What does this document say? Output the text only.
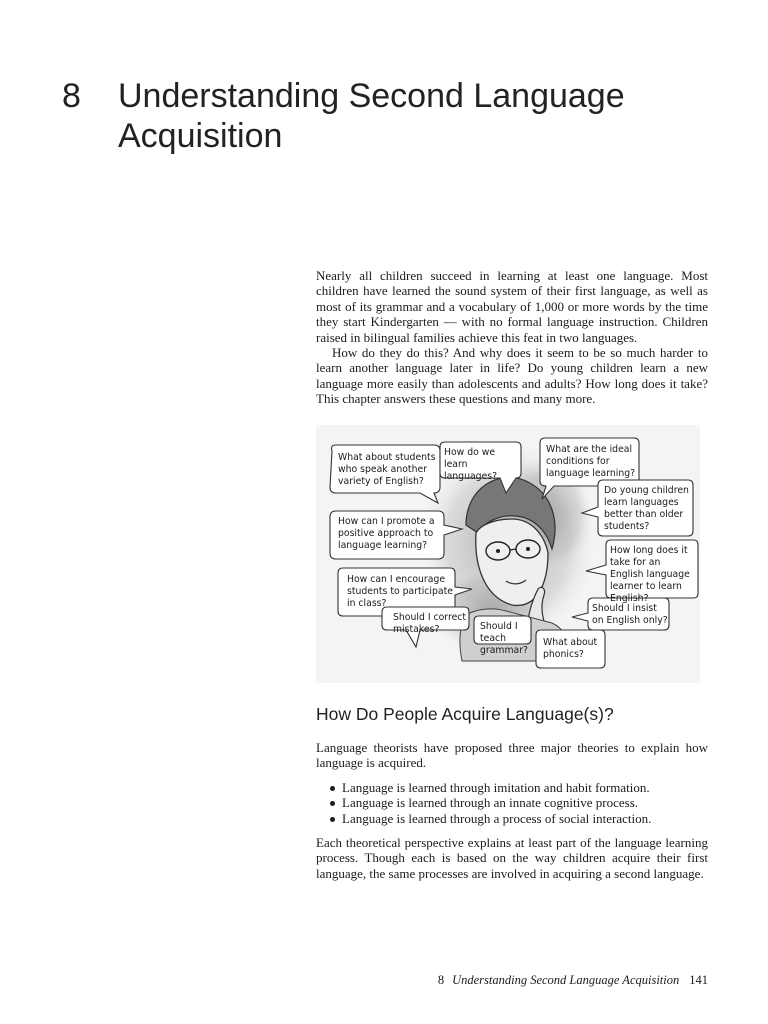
8 Understanding Second Language Acquisition

Nearly all children succeed in learning at least one language. Most children have learned the sound system of their first language, as well as most of its grammar and a vocabulary of 1,000 or more words by the time they start Kindergarten — with no formal language instruction. Children raised in bilingual families achieve this feat in two languages.

How do they do this? And why does it seem to be so much harder to learn another language later in life? Do young children learn a new language more easily than adolescents and adults? How long does it take? This chapter answers these questions and many more.

What about students who speak another variety of English?

How do we learn languages?

What are the ideal conditions for language learning?

Do young children learn languages better than older students?

How can I promote a positive approach to language learning?	How long does it take for an English language learner to learn English?

How can I encourage students to participate in class?	Should I insist on English only?

Should I correct mistakes?	Should I teach grammar?

What about phonics?

How Do People Acquire Language(s)?

Language theorists have proposed three major theories to explain how language is acquired.

Language is learned through imitation and habit formation.
Language is learned through an innate cognitive process.
Language is learned through a process of social interaction.

Each theoretical perspective explains at least part of the language learning process. Though each is based on the way children acquire their first language, the same processes are involved in acquiring a second language.

8 Understanding Second Language Acquisition 141
